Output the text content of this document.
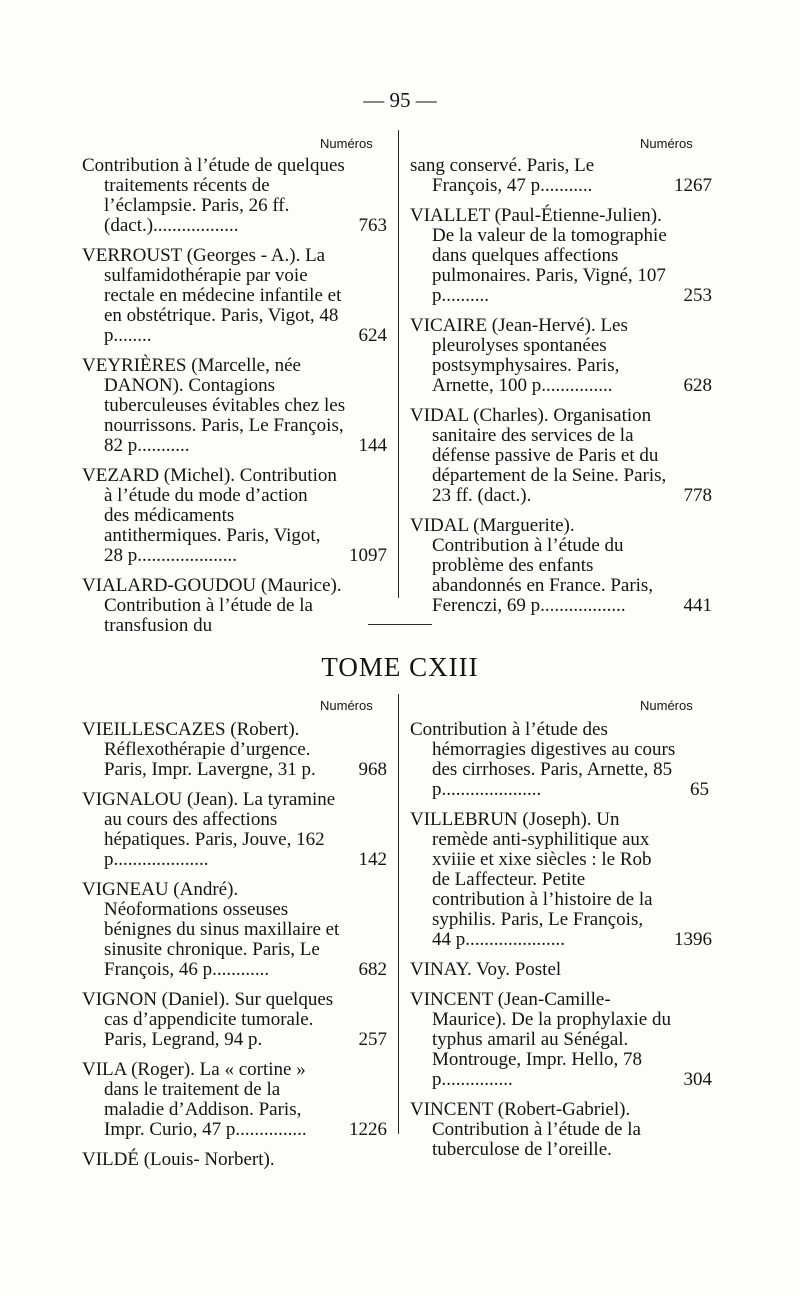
— 95 —
Numéros	Numéros
Contribution à l’étude de quelques traitements récents de l’éclampsie. Paris, 26 ff. (dact.)..................	763
VERROUST (Georges - A.). La sulfamidothérapie par voie rectale en médecine infantile et en obstétrique. Paris, Vigot, 48 p........	624
VEYRIÈRES (Marcelle, née DANON). Contagions tuberculeuses évitables chez les nourrissons. Paris, Le François, 82 p...........	144
VEZARD (Michel). Contribution à l’étude du mode d’action des médicaments antithermiques. Paris, Vigot, 28 p.....................	1097
VIALARD-GOUDOU (Maurice). Contribution à l’étude de la transfusion du
sang conservé. Paris, Le François, 47 p...........	1267
VIALLET (Paul-Étienne-Julien). De la valeur de la tomographie dans quelques affections pulmonaires. Paris, Vigné, 107 p..........	253
VICAIRE (Jean-Hervé). Les pleurolyses spontanées postsymphysaires. Paris, Arnette, 100 p...............	628
VIDAL (Charles). Organisation sanitaire des services de la défense passive de Paris et du département de la Seine. Paris, 23 ff. (dact.).	778
VIDAL (Marguerite). Contribution à l’étude du problème des enfants abandonnés en France. Paris, Ferenczi, 69 p..................	441
TOME CXIII
Numéros	Numéros
VIEILLESCAZES (Robert). Réflexothérapie d’urgence. Paris, Impr. Lavergne, 31 p. 968
VIGNALOU (Jean). La tyramine au cours des affections hépatiques. Paris, Jouve, 162 p....................	142
VIGNEAU (André). Néoformations osseuses bénignes du sinus maxillaire et sinusite chronique. Paris, Le François, 46 p............	682
VIGNON (Daniel). Sur quelques cas d’appendicite tumorale. Paris, Legrand, 94 p.	257
VILA (Roger). La « cortine » dans le traitement de la maladie d’Addison. Paris, Impr. Curio, 47 p............... 1226
VILDÉ (Louis- Norbert).
Contribution à l’étude des hémorragies digestives au cours des cirrhoses. Paris, Arnette, 85 p.....................	65
VILLEBRUN (Joseph). Un remède anti-syphilitique aux xviiie et xixe siècles : le Rob de Laffecteur. Petite contribution à l’histoire de la syphilis. Paris, Le François, 44 p.....................	1396
VINAY. Voy. Postel
VINCENT (Jean-Camille-Maurice). De la prophylaxie du typhus amaril au Sénégal. Montrouge, Impr. Hello, 78 p...............	304
VINCENT (Robert-Gabriel). Contribution à l’étude de la tuberculose de l’oreille.
